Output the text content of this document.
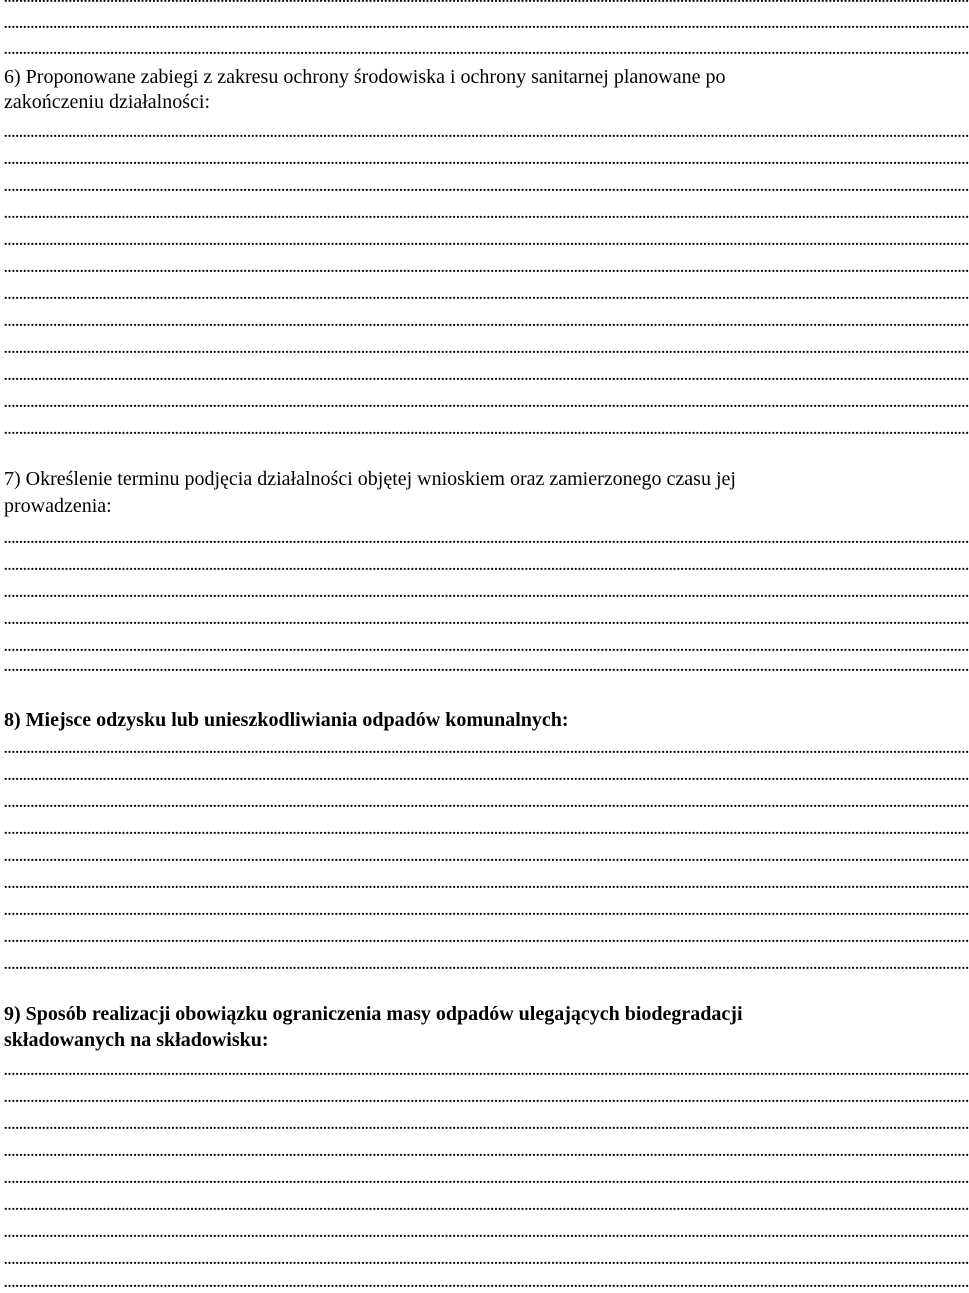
..............................................................................................................................................................................................................................................................
..............................................................................................................................................................................................................................................................
6) Proponowane zabiegi z zakresu ochrony środowiska i ochrony sanitarnej planowane po
zakończeniu działalności:
..............................................................................................................................................................................................................................................................
..............................................................................................................................................................................................................................................................
..............................................................................................................................................................................................................................................................
..............................................................................................................................................................................................................................................................
..............................................................................................................................................................................................................................................................
..............................................................................................................................................................................................................................................................
..............................................................................................................................................................................................................................................................
..............................................................................................................................................................................................................................................................
..............................................................................................................................................................................................................................................................
..............................................................................................................................................................................................................................................................
..............................................................................................................................................................................................................................................................
..............................................................................................................................................................................................................................................................
7) Określenie terminu podjęcia działalności objętej wnioskiem oraz zamierzonego czasu jej
prowadzenia:
..............................................................................................................................................................................................................................................................
..............................................................................................................................................................................................................................................................
..............................................................................................................................................................................................................................................................
..............................................................................................................................................................................................................................................................
..............................................................................................................................................................................................................................................................
..............................................................................................................................................................................................................................................................
8) Miejsce odzysku lub unieszkodliwiania odpadów komunalnych:
..............................................................................................................................................................................................................................................................
..............................................................................................................................................................................................................................................................
..............................................................................................................................................................................................................................................................
..............................................................................................................................................................................................................................................................
..............................................................................................................................................................................................................................................................
..............................................................................................................................................................................................................................................................
..............................................................................................................................................................................................................................................................
..............................................................................................................................................................................................................................................................
..............................................................................................................................................................................................................................................................
9) Sposób realizacji obowiązku ograniczenia masy odpadów ulegających biodegradacji
składowanych na składowisku:
..............................................................................................................................................................................................................................................................
..............................................................................................................................................................................................................................................................
..............................................................................................................................................................................................................................................................
..............................................................................................................................................................................................................................................................
..............................................................................................................................................................................................................................................................
..............................................................................................................................................................................................................................................................
..............................................................................................................................................................................................................................................................
..............................................................................................................................................................................................................................................................
..............................................................................................................................................................................................................................................................
